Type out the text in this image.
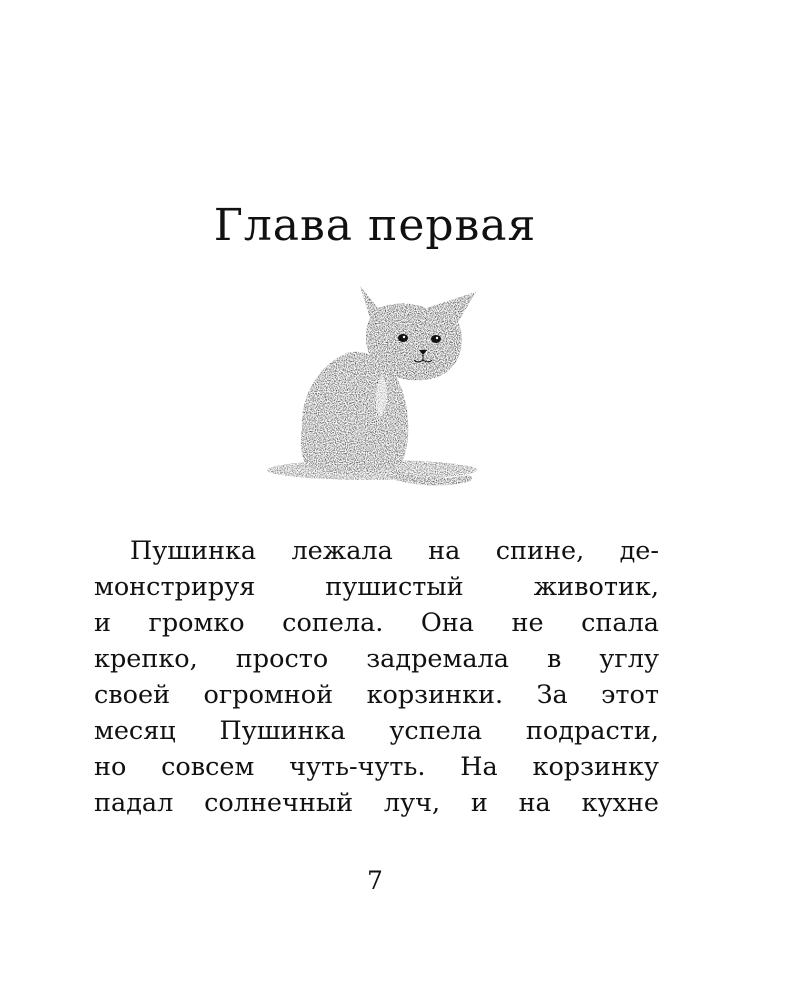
Глава первая
Пушинка лежала на спине, де-
монстрируя	пушистый	животик,
и громко сопела. Она не спала
крепко, просто задремала в углу
своей огромной корзинки. За этот
месяц Пушинка успела подрасти,
но совсем чуть-чуть. На корзинку
падал солнечный луч, и на кухне
7
